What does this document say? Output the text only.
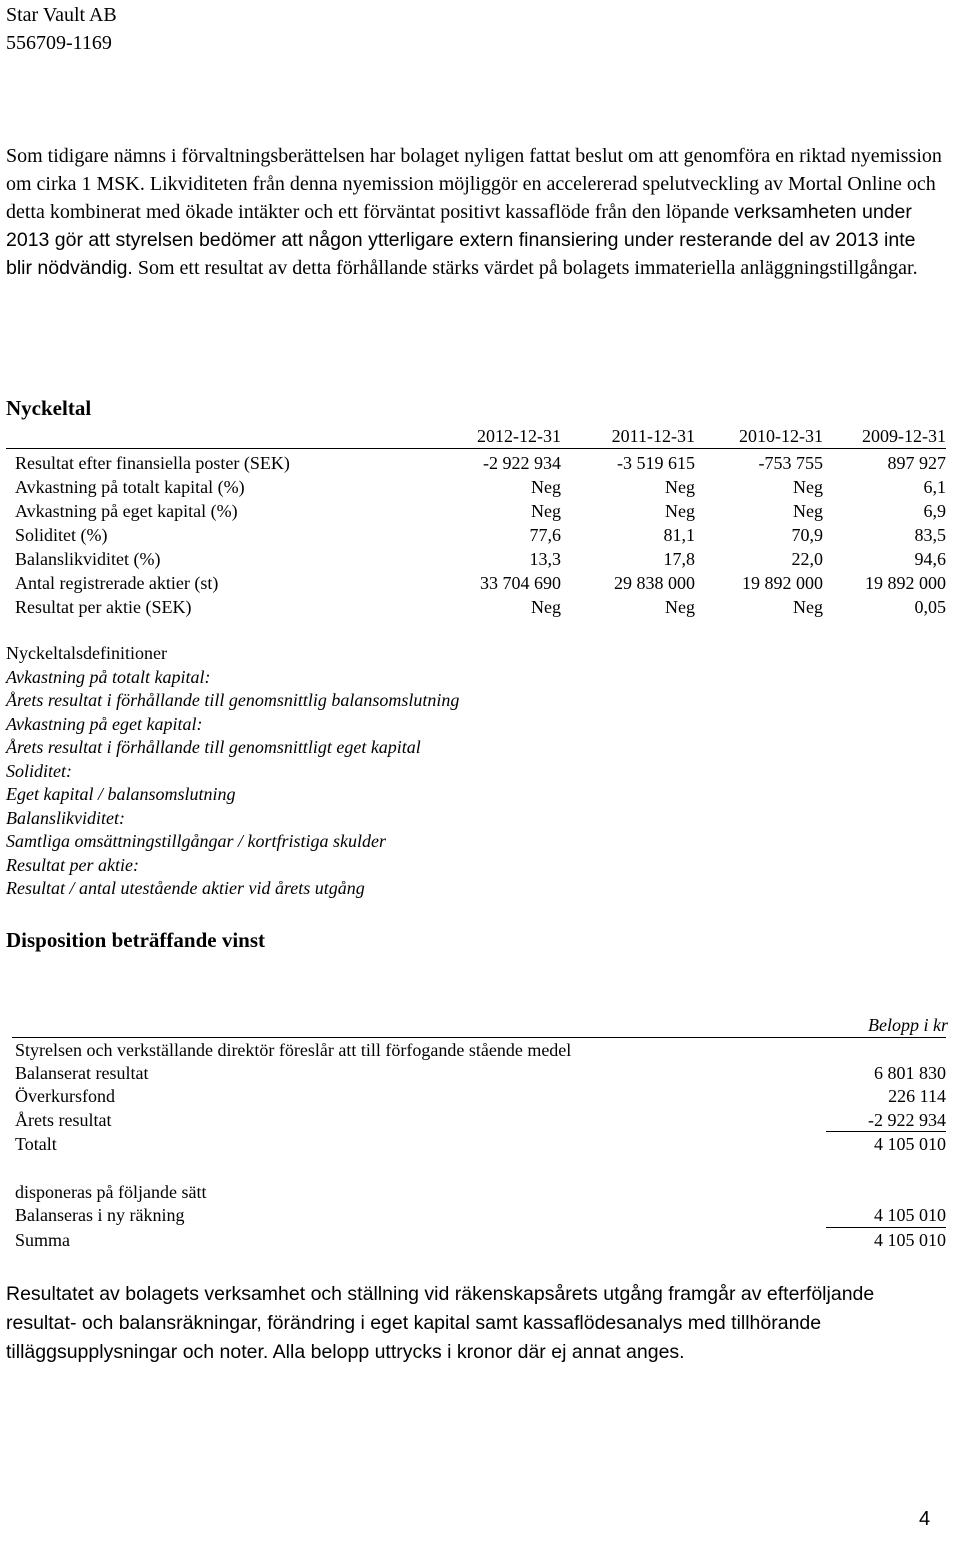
Star Vault AB
556709-1169
Som tidigare nämns i förvaltningsberättelsen har bolaget nyligen fattat beslut om att genomföra en riktad nyemission om cirka 1 MSK. Likviditeten från denna nyemission möjliggör en accelererad spelutveckling av Mortal Online och detta kombinerat med ökade intäkter och ett förväntat positivt kassaflöde från den löpande verksamheten under 2013 gör att styrelsen bedömer att någon ytterligare extern finansiering under resterande del av 2013 inte blir nödvändig. Som ett resultat av detta förhållande stärks värdet på bolagets immateriella anläggningstillgångar.
Nyckeltal
	2012-12-31	2011-12-31	2010-12-31	2009-12-31
Resultat efter finansiella poster (SEK)	-2 922 934	-3 519 615	-753 755	897 927
Avkastning på totalt kapital (%)	Neg	Neg	Neg	6,1
Avkastning på eget kapital (%)	Neg	Neg	Neg	6,9
Soliditet (%)	77,6	81,1	70,9	83,5
Balanslikviditet (%)	13,3	17,8	22,0	94,6
Antal registrerade aktier (st)	33 704 690	29 838 000	19 892 000	19 892 000
Resultat per aktie (SEK)	Neg	Neg	Neg	0,05
Nyckeltalsdefinitioner
Avkastning på totalt kapital:
Årets resultat i förhållande till genomsnittlig balansomslutning
Avkastning på eget kapital:
Årets resultat i förhållande till genomsnittligt eget kapital
Soliditet:
Eget kapital / balansomslutning
Balanslikviditet:
Samtliga omsättningstillgångar / kortfristiga skulder
Resultat per aktie:
Resultat / antal utestående aktier vid årets utgång
Disposition beträffande vinst
Belopp i kr
Styrelsen och verkställande direktör föreslår att till förfogande stående medel
Balanserat resultat	6 801 830
Överkursfond	226 114
Årets resultat	-2 922 934
Totalt	4 105 010
disponeras på följande sätt
Balanseras i ny räkning	4 105 010
Summa	4 105 010
Resultatet av bolagets verksamhet och ställning vid räkenskapsårets utgång framgår av efterföljande resultat- och balansräkningar, förändring i eget kapital samt kassaflödesanalys med tillhörande tilläggsupplysningar och noter. Alla belopp uttrycks i kronor där ej annat anges.
4
